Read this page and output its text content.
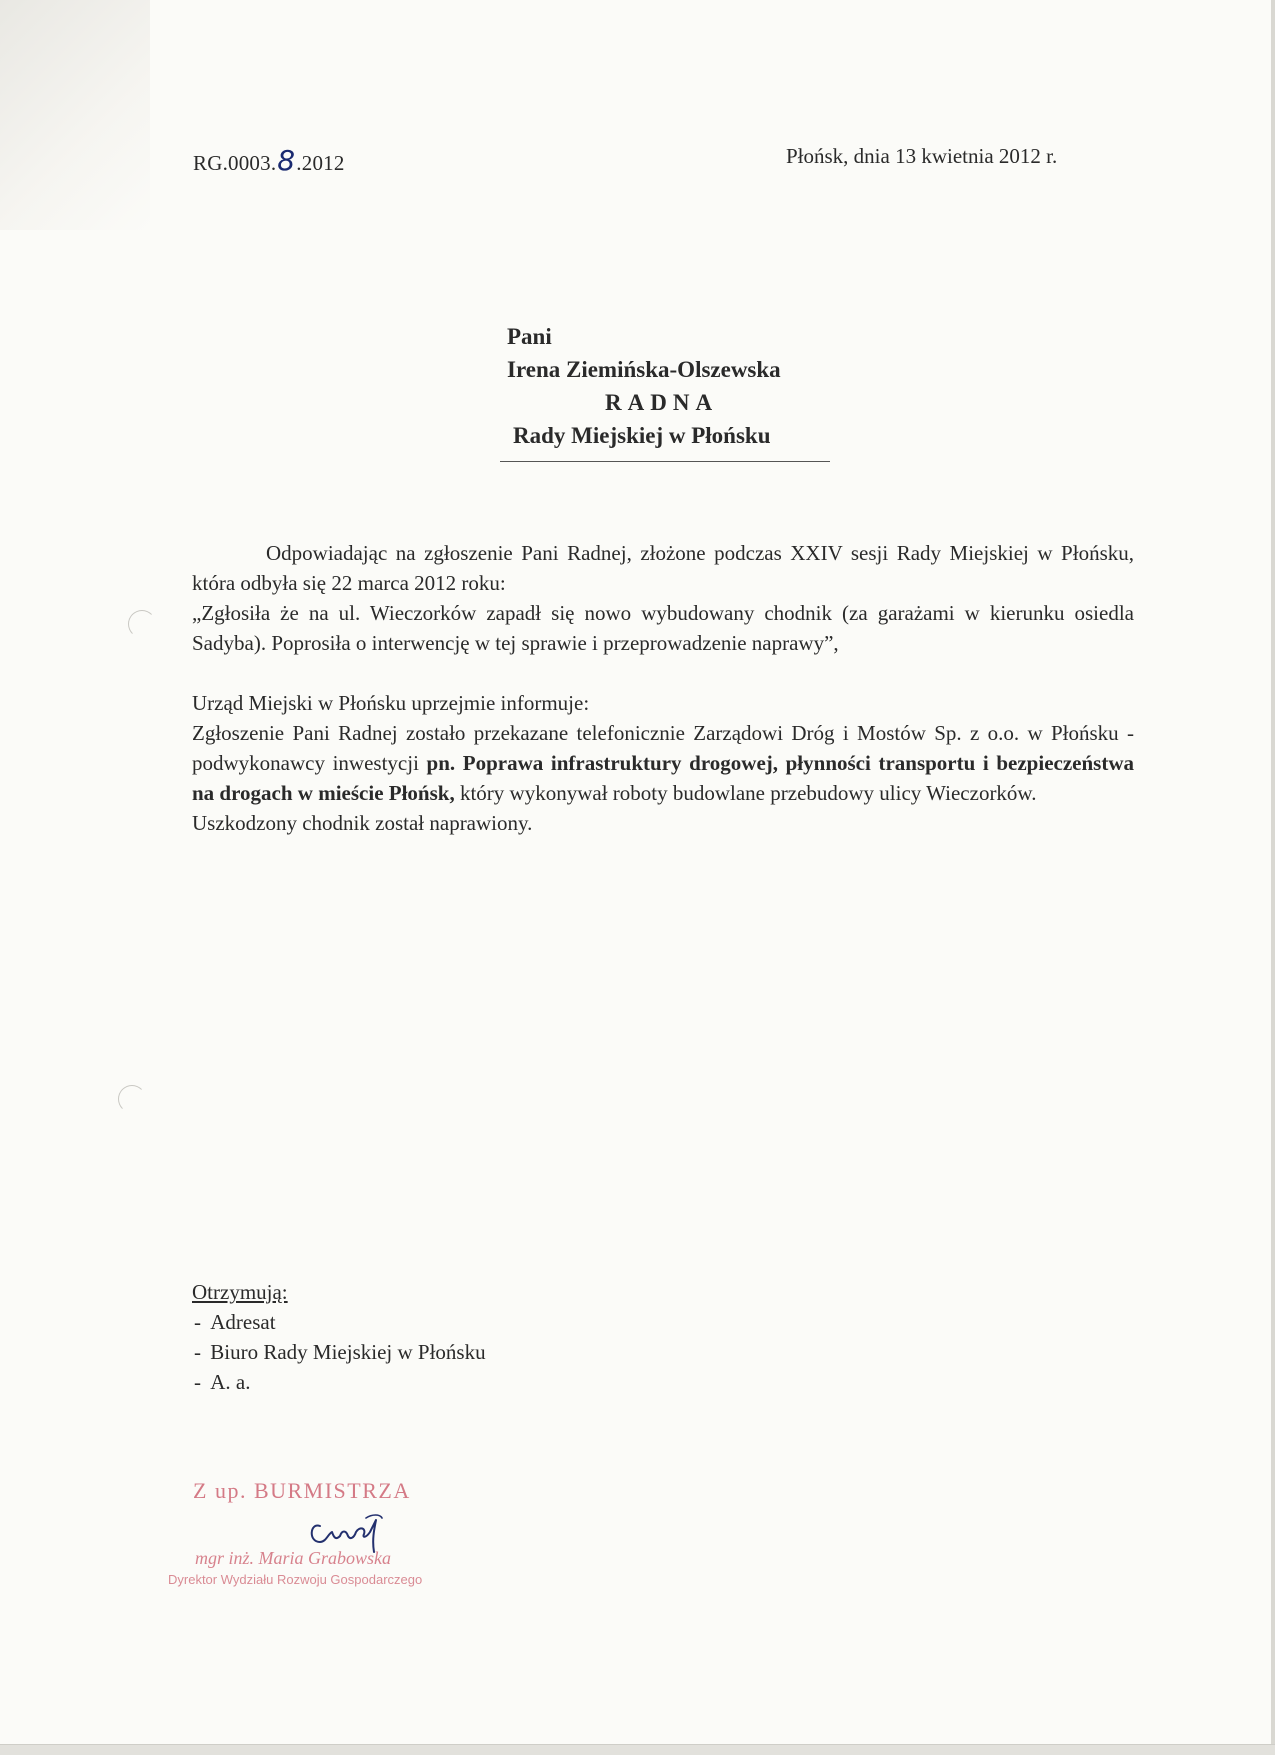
RG.0003.8.2012	Płońsk, dnia 13 kwietnia 2012 r.
Pani
Irena Ziemińska-Olszewska
RADNA
Rady Miejskiej w Płońsku

Odpowiadając na zgłoszenie Pani Radnej, złożone podczas XXIV sesji Rady Miejskiej w Płońsku, która odbyła się 22 marca 2012 roku:

„Zgłosiła że na ul. Wieczorków zapadł się nowo wybudowany chodnik (za garażami w kierunku osiedla Sadyba). Poprosiła o interwencję w tej sprawie i przeprowadzenie naprawy”,

Urząd Miejski w Płońsku uprzejmie informuje:

Zgłoszenie Pani Radnej zostało przekazane telefonicznie Zarządowi Dróg i Mostów Sp. z o.o. w Płońsku - podwykonawcy inwestycji pn. Poprawa infrastruktury drogowej, płynności transportu i bezpieczeństwa na drogach w mieście Płońsk, który wykonywał roboty budowlane przebudowy ulicy Wieczorków.

Uszkodzony chodnik został naprawiony.

Otrzymują:
- Adresat
- Biuro Rady Miejskiej w Płońsku
- A. a.
Z up. BURMISTRZA
mgr inż. Maria Grabowska
Dyrektor Wydziału Rozwoju Gospodarczego
